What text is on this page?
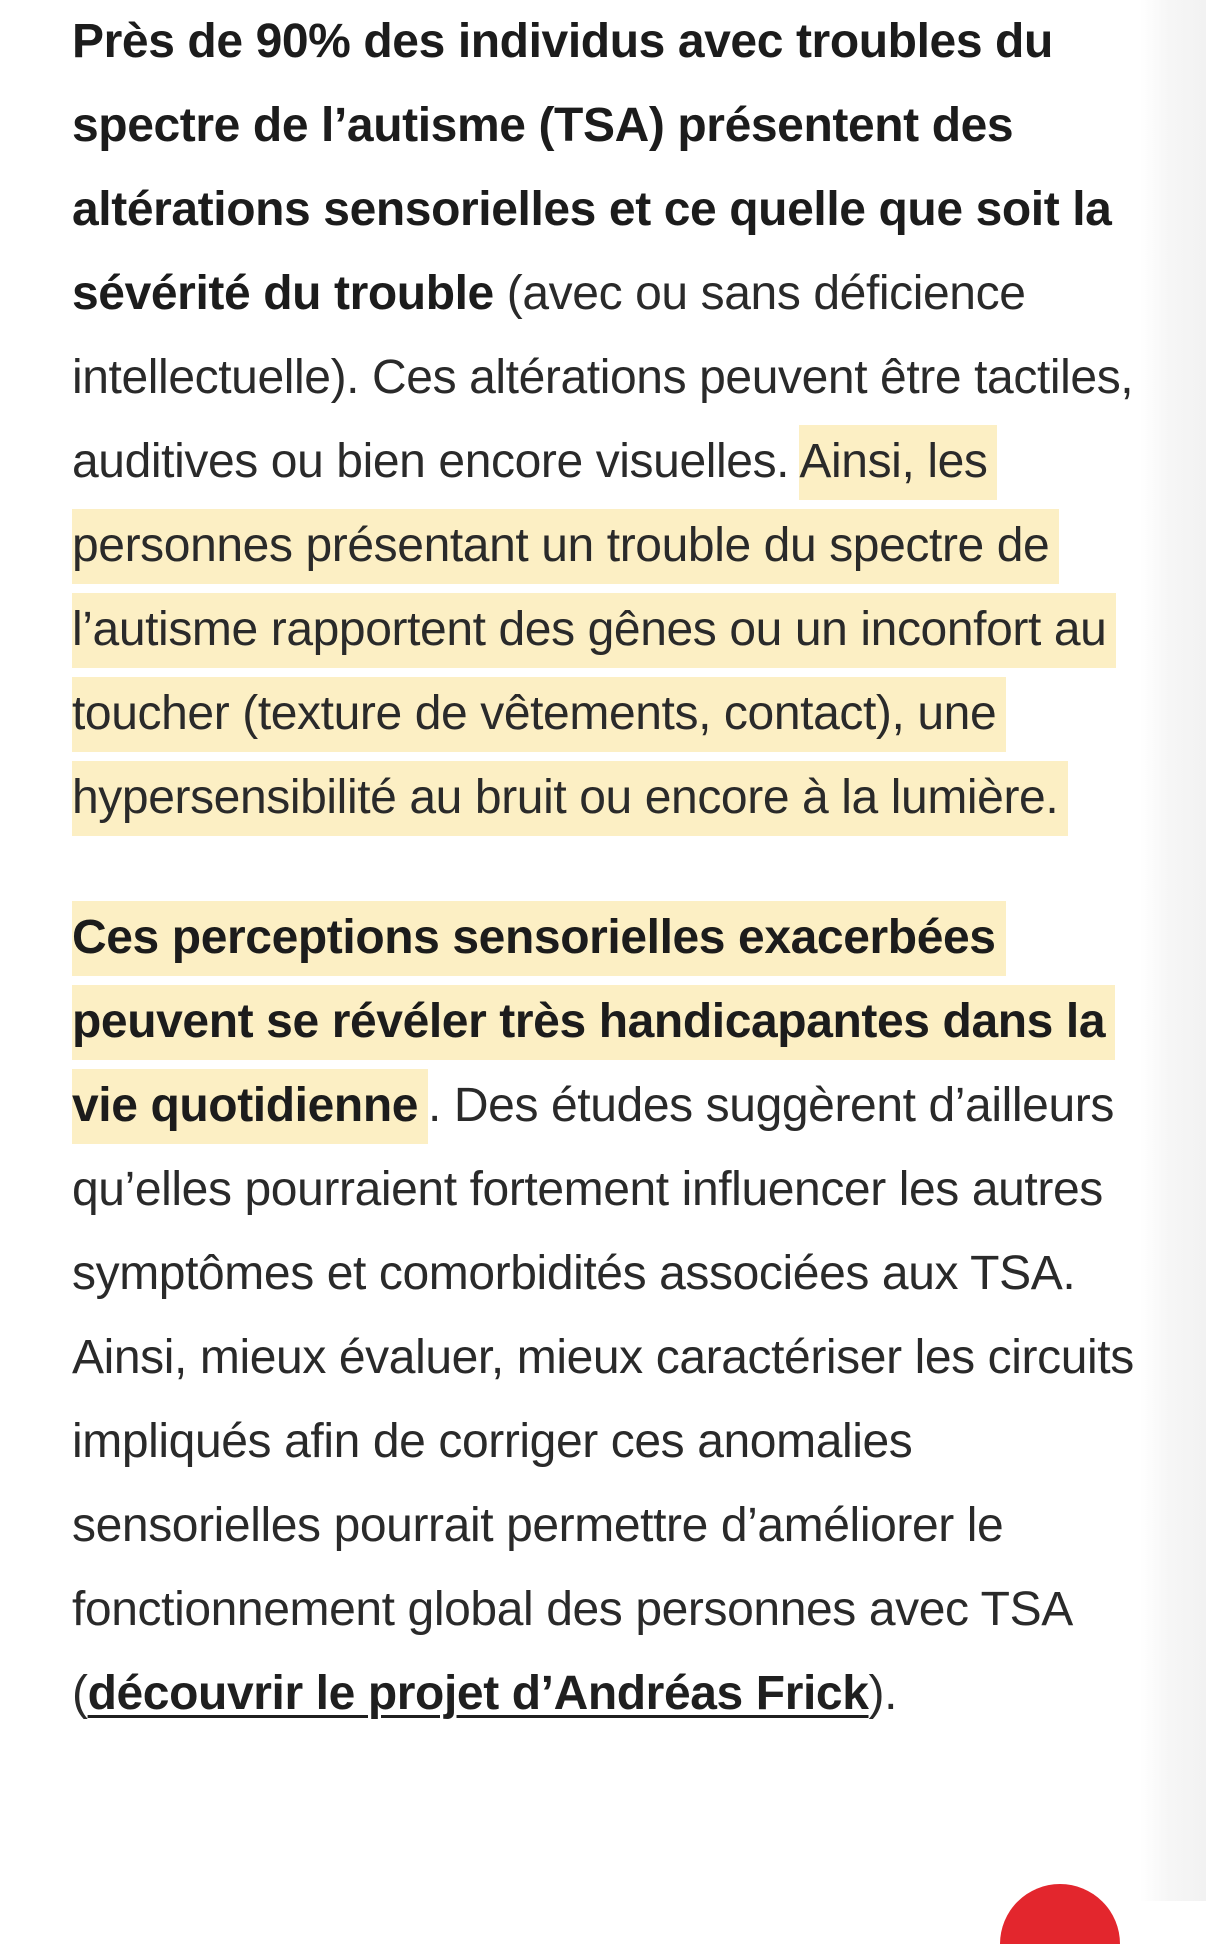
Près de 90% des individus avec troubles du spectre de l’autisme (TSA) présentent des altérations sensorielles et ce quelle que soit la sévérité du trouble (avec ou sans déficience intellectuelle). Ces altérations peuvent être tactiles, auditives ou bien encore visuelles. Ainsi, les personnes présentant un trouble du spectre de l’autisme rapportent des gênes ou un inconfort au toucher (texture de vêtements, contact), une hypersensibilité au bruit ou encore à la lumière.

Ces perceptions sensorielles exacerbées peuvent se révéler très handicapantes dans la vie quotidienne . Des études suggèrent d’ailleurs qu’elles pourraient fortement influencer les autres symptômes et comorbidités associées aux TSA. Ainsi, mieux évaluer, mieux caractériser les circuits impliqués afin de corriger ces anomalies sensorielles pourrait permettre d’améliorer le fonctionnement global des personnes avec TSA (découvrir le projet d’Andréas Frick).
